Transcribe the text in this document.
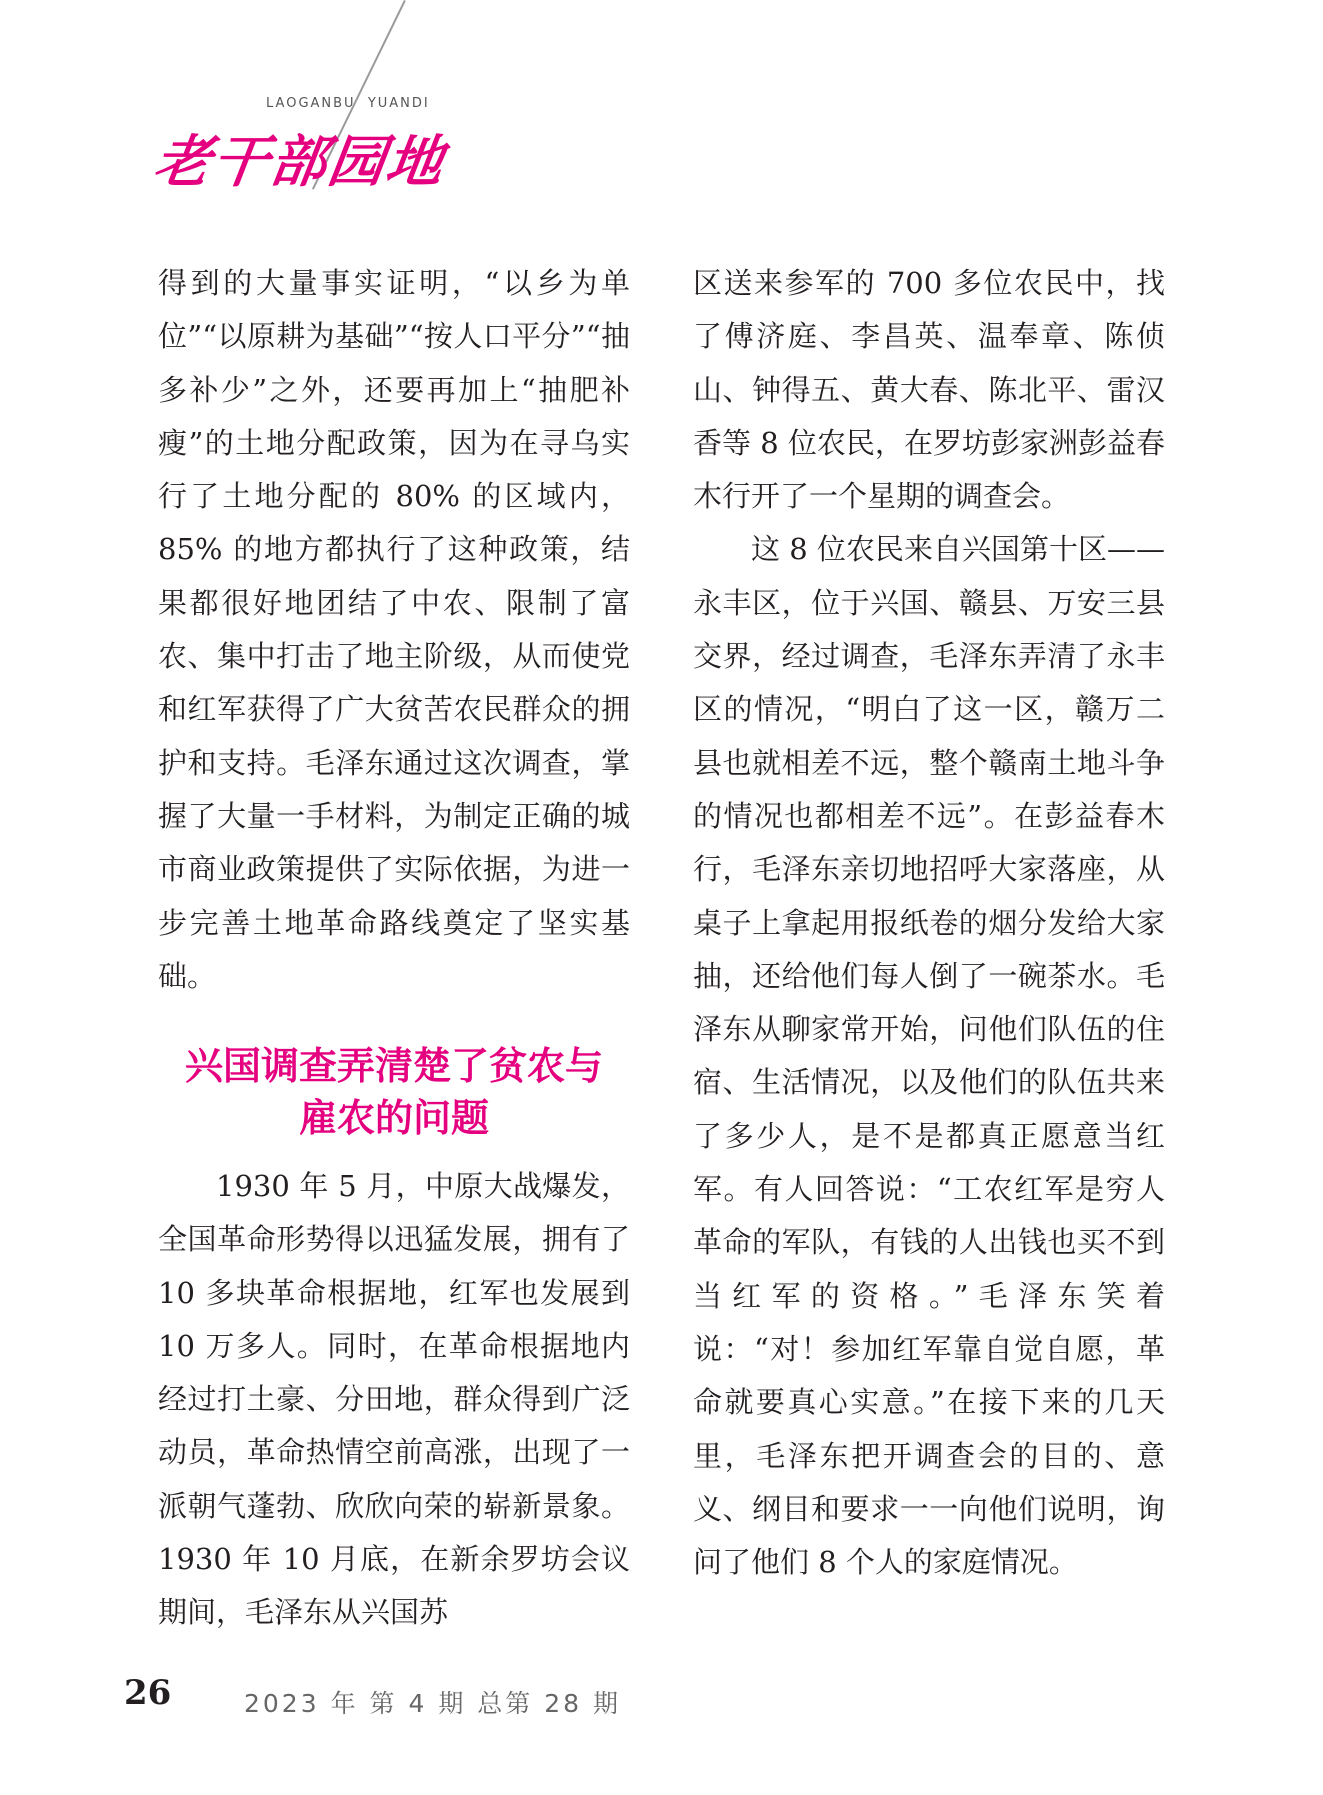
LAOGANBU  YUANDI
老干部园地

得到的大量事实证明，“以乡为单位”“以原耕为基础”“按人口平分”“抽多补少”之外，还要再加上“抽肥补瘦”的土地分配政策，因为在寻乌实行了土地分配的 80% 的区域内，85% 的地方都执行了这种政策，结果都很好地团结了中农、限制了富农、集中打击了地主阶级，从而使党和红军获得了广大贫苦农民群众的拥护和支持。毛泽东通过这次调查，掌握了大量一手材料，为制定正确的城市商业政策提供了实际依据，为进一步完善土地革命路线奠定了坚实基础。

兴国调查弄清楚了贫农与
雇农的问题

1930 年 5 月，中原大战爆发，全国革命形势得以迅猛发展，拥有了 10 多块革命根据地，红军也发展到 10 万多人。同时，在革命根据地内经过打土豪、分田地，群众得到广泛动员，革命热情空前高涨，出现了一派朝气蓬勃、欣欣向荣的崭新景象。1930 年 10 月底，在新余罗坊会议期间，毛泽东从兴国苏

区送来参军的 700 多位农民中，找了傅济庭、李昌英、温奉章、陈侦山、钟得五、黄大春、陈北平、雷汉香等 8 位农民，在罗坊彭家洲彭益春木行开了一个星期的调查会。

这 8 位农民来自兴国第十区——永丰区，位于兴国、赣县、万安三县交界，经过调查，毛泽东弄清了永丰区的情况，“明白了这一区，赣万二县也就相差不远，整个赣南土地斗争的情况也都相差不远”。在彭益春木行，毛泽东亲切地招呼大家落座，从桌子上拿起用报纸卷的烟分发给大家抽，还给他们每人倒了一碗茶水。毛泽东从聊家常开始，问他们队伍的住宿、生活情况，以及他们的队伍共来了多少人，是不是都真正愿意当红军。有人回答说：“工农红军是穷人革命的军队，有钱的人出钱也买不到当红军的资格。”毛泽东笑着说：“对！参加红军靠自觉自愿，革命就要真心实意。”在接下来的几天里，毛泽东把开调查会的目的、意义、纲目和要求一一向他们说明，询问了他们 8 个人的家庭情况。

26	2023 年 第 4 期 总第 28 期
